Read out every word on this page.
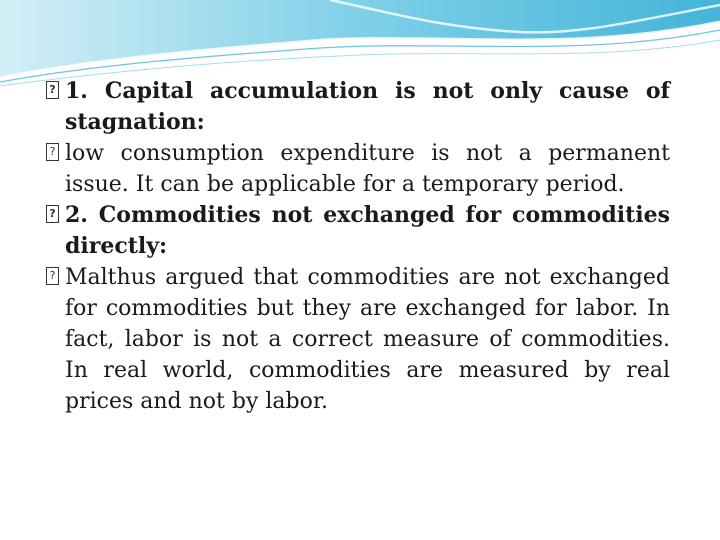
? 1. Capital accumulation is not only cause of stagnation:
? low consumption expenditure is not a permanent issue. It can be applicable for a temporary period.
? 2. Commodities not exchanged for commodities directly:
? Malthus argued that commodities are not exchanged for commodities but they are exchanged for labor. In fact, labor is not a correct measure of commodities. In real world, commodities are measured by real prices and not by labor.
